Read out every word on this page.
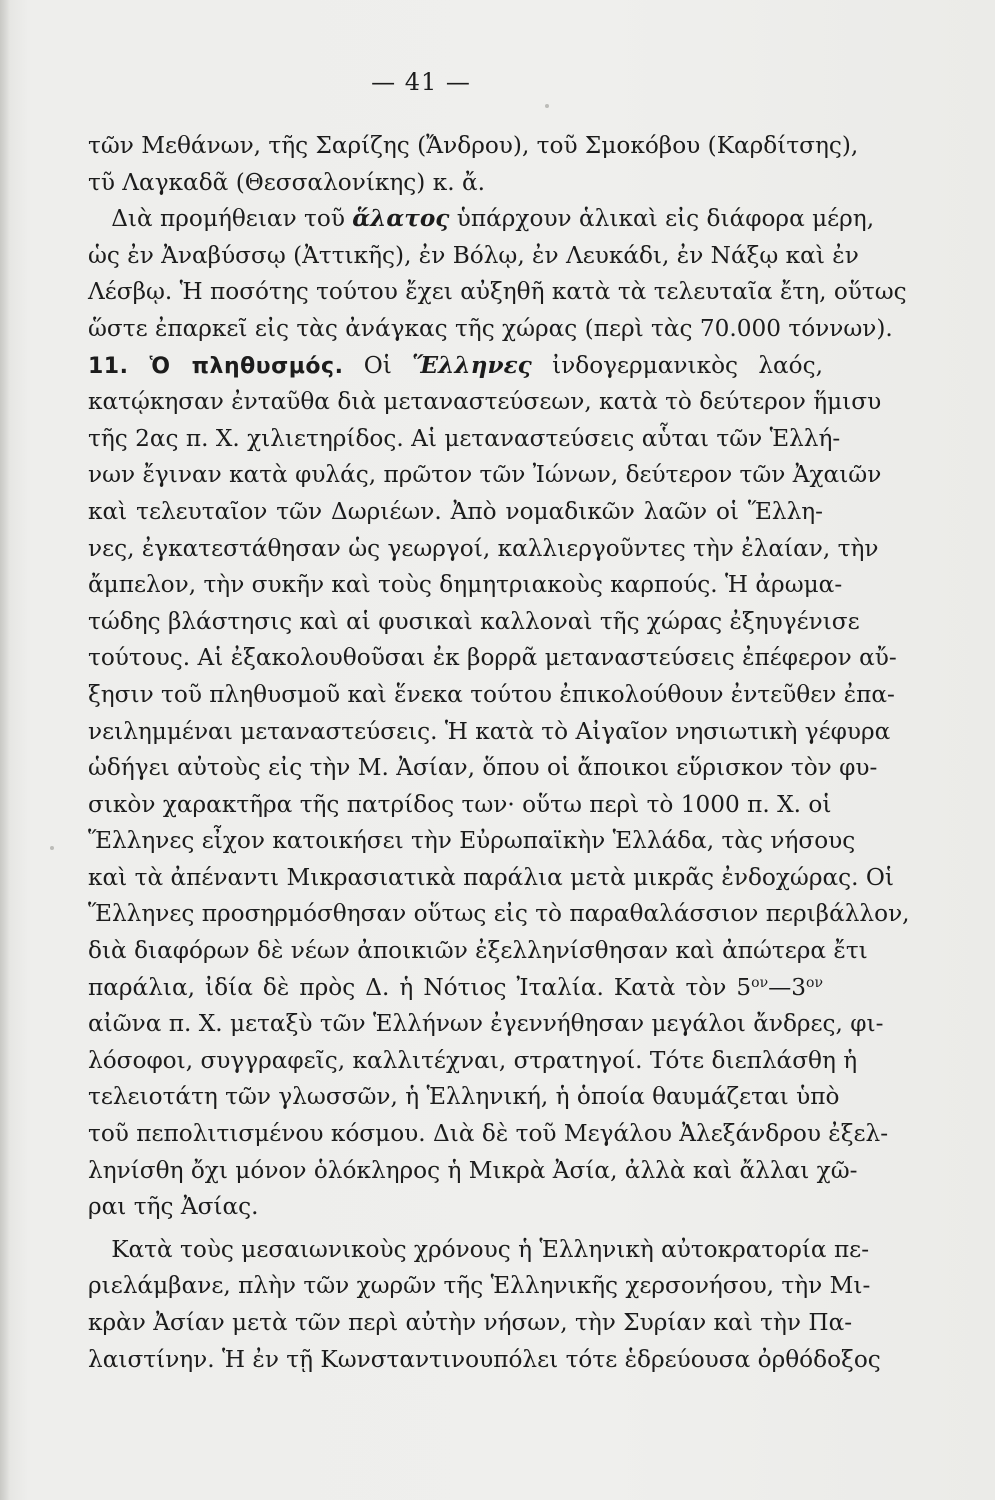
— 41 —
τῶν Μεθάνων, τῆς Σαρίζης (Ἄνδρου), τοῦ Σμοκόβου (Καρδίτσης),
τῦ Λαγκαδᾶ (Θεσσαλονίκης) κ. ἄ.
 Διὰ προμήθειαν τοῦ ἅλατος ὑπάρχουν ἁλικαὶ εἰς διάφορα μέρη,
ὡς ἐν Ἀναβύσσῳ (Ἀττικῆς), ἐν Βόλῳ, ἐν Λευκάδι, ἐν Νάξῳ καὶ ἐν
Λέσβῳ. Ἡ ποσότης τούτου ἔχει αὐξηθῆ κατὰ τὰ τελευταῖα ἔτη, οὕτως
ὥστε ἐπαρκεῖ εἰς τὰς ἀνάγκας τῆς χώρας (περὶ τὰς 70.000 τόννων).
11. Ὁ πληθυσμός. Οἱ Ἕλληνες ἰνδογερμανικὸς λαός,
κατῴκησαν ἐνταῦθα διὰ μεταναστεύσεων, κατὰ τὸ δεύτερον ἥμισυ
τῆς 2ας π. Χ. χιλιετηρίδος. Αἱ μεταναστεύσεις αὗται τῶν Ἑλλή-
νων ἔγιναν κατὰ φυλάς, πρῶτον τῶν Ἰώνων, δεύτερον τῶν Ἀχαιῶν
καὶ τελευταῖον τῶν Δωριέων. Ἀπὸ νομαδικῶν λαῶν οἱ Ἕλλη-
νες, ἐγκατεστάθησαν ὡς γεωργοί, καλλιεργοῦντες τὴν ἐλαίαν, τὴν
ἄμπελον, τὴν συκῆν καὶ τοὺς δημητριακοὺς καρπούς. Ἡ ἀρωμα-
τώδης βλάστησις καὶ αἱ φυσικαὶ καλλοναὶ τῆς χώρας ἐξηυγένισε
τούτους. Αἱ ἐξακολουθοῦσαι ἐκ βορρᾶ μεταναστεύσεις ἐπέφερον αὔ-
ξησιν τοῦ πληθυσμοῦ καὶ ἕνεκα τούτου ἐπικολούθουν ἐντεῦθεν ἐπα-
νειλημμέναι μεταναστεύσεις. Ἡ κατὰ τὸ Αἰγαῖον νησιωτικὴ γέφυρα
ὡδήγει αὐτοὺς εἰς τὴν Μ. Ἀσίαν, ὅπου οἱ ἄποικοι εὕρισκον τὸν φυ-
σικὸν χαρακτῆρα τῆς πατρίδος των· οὕτω περὶ τὸ 1000 π. Χ. οἱ
Ἕλληνες εἶχον κατοικήσει τὴν Εὐρωπαϊκὴν Ἑλλάδα, τὰς νήσους
καὶ τὰ ἀπέναντι Μικρασιατικὰ παράλια μετὰ μικρᾶς ἐνδοχώρας. Οἱ
Ἕλληνες προσηρμόσθησαν οὕτως εἰς τὸ παραθαλάσσιον περιβάλλον,
διὰ διαφόρων δὲ νέων ἀποικιῶν ἐξελληνίσθησαν καὶ ἀπώτερα ἔτι
παράλια, ἰδία δὲ πρὸς Δ. ἡ Νότιος Ἰταλία. Κατὰ τὸν $5^{o\nu}—3^{o\nu}$
αἰῶνα π. Χ. μεταξὺ τῶν Ἑλλήνων ἐγεννήθησαν μεγάλοι ἄνδρες, φι-
λόσοφοι, συγγραφεῖς, καλλιτέχναι, στρατηγοί. Τότε διεπλάσθη ἡ
τελειοτάτη τῶν γλωσσῶν, ἡ Ἑλληνική, ἡ ὁποία θαυμάζεται ὑπὸ
τοῦ πεπολιτισμένου κόσμου. Διὰ δὲ τοῦ Μεγάλου Ἀλεξάνδρου ἐξελ-
ληνίσθη ὄχι μόνον ὁλόκληρος ἡ Μικρὰ Ἀσία, ἀλλὰ καὶ ἄλλαι χῶ-
ραι τῆς Ἀσίας.
 Κατὰ τοὺς μεσαιωνικοὺς χρόνους ἡ Ἑλληνικὴ αὐτοκρατορία πε-
ριελάμβανε, πλὴν τῶν χωρῶν τῆς Ἑλληνικῆς χερσονήσου, τὴν Μι-
κρὰν Ἀσίαν μετὰ τῶν περὶ αὐτὴν νήσων, τὴν Συρίαν καὶ τὴν Πα-
λαιστίνην. Ἡ ἐν τῇ Κωνσταντινουπόλει τότε ἑδρεύουσα ὀρθόδοξος
